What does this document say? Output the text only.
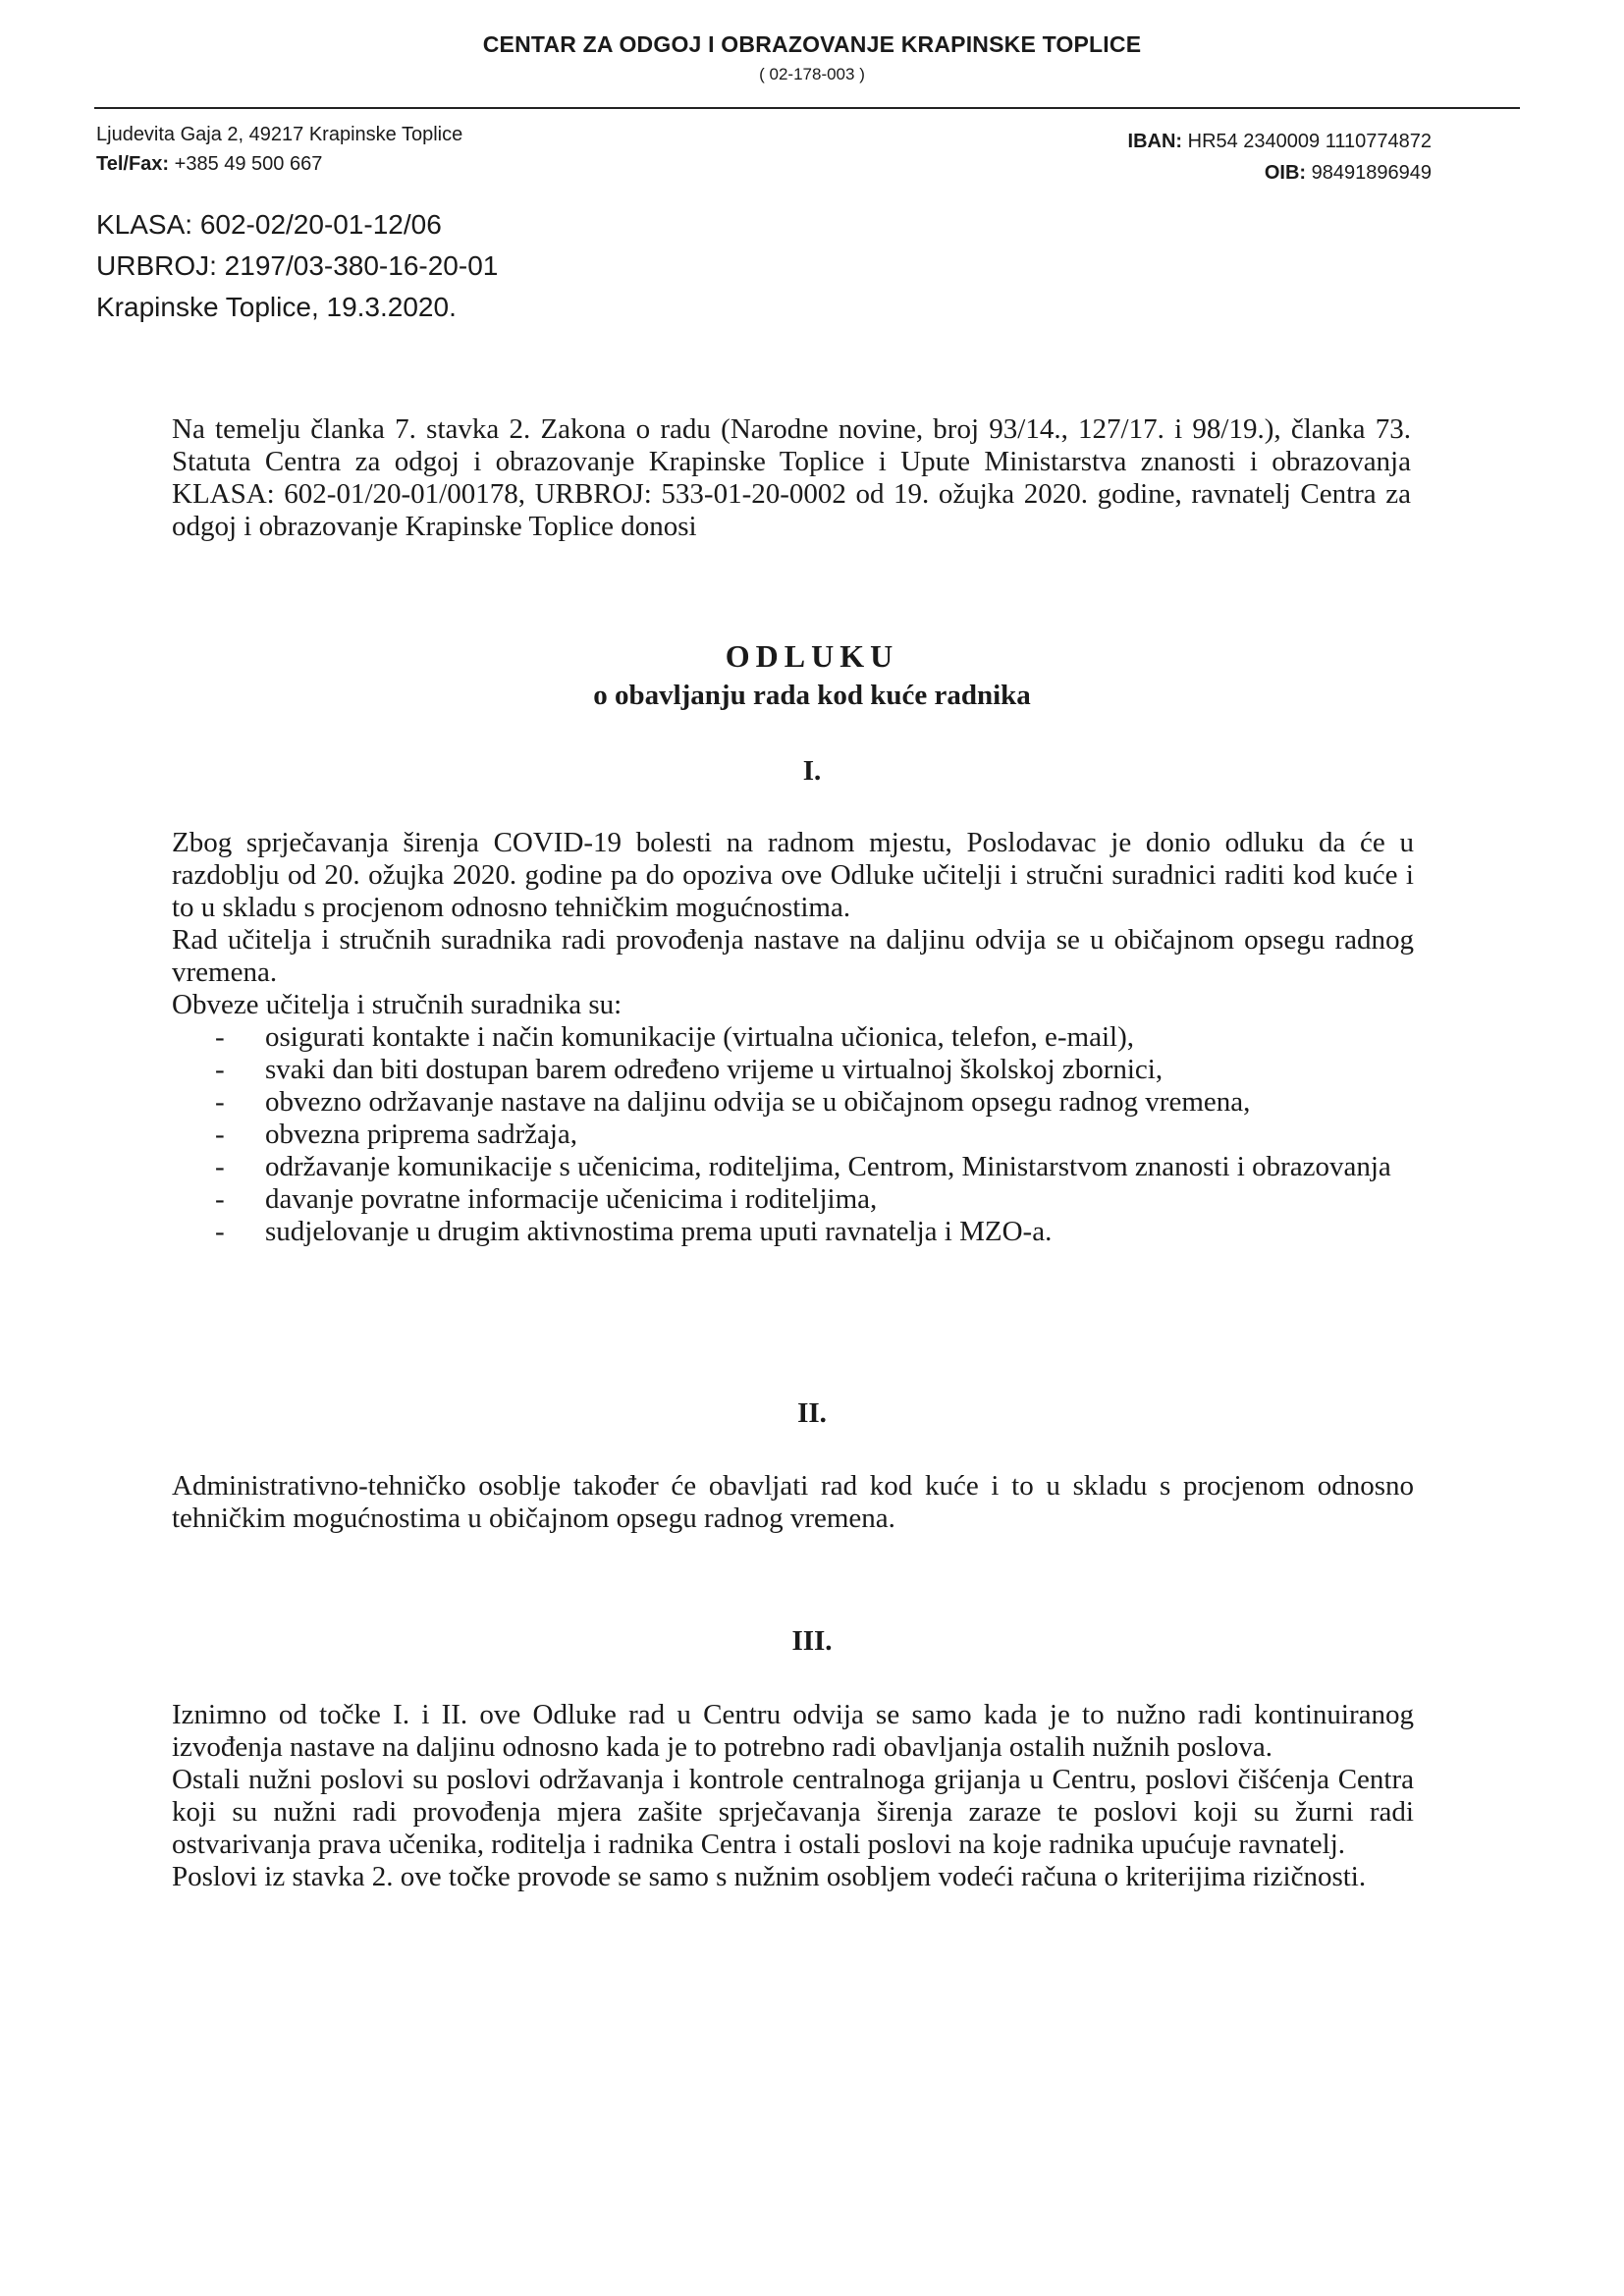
CENTAR ZA ODGOJ I OBRAZOVANJE KRAPINSKE TOPLICE
( 02-178-003 )
Ljudevita Gaja 2, 49217 Krapinske Toplice
Tel/Fax: +385 49 500 667
IBAN: HR54 2340009 1110774872
OIB: 98491896949
KLASA: 602-02/20-01-12/06
URBROJ: 2197/03-380-16-20-01
Krapinske Toplice, 19.3.2020.
Na temelju članka 7. stavka 2. Zakona o radu (Narodne novine, broj 93/14., 127/17. i 98/19.), članka 73. Statuta Centra za odgoj i obrazovanje Krapinske Toplice i Upute Ministarstva znanosti i obrazovanja KLASA: 602-01/20-01/00178, URBROJ: 533-01-20-0002 od 19. ožujka 2020. godine, ravnatelj Centra za odgoj i obrazovanje Krapinske Toplice donosi
ODLUKU
o obavljanju rada kod kuće radnika
I.

Zbog sprječavanja širenja COVID-19 bolesti na radnom mjestu, Poslodavac je donio odluku da će u razdoblju od 20. ožujka 2020. godine pa do opoziva ove Odluke učitelji i stručni suradnici raditi kod kuće i to u skladu s procjenom odnosno tehničkim mogućnostima.

Rad učitelja i stručnih suradnika radi provođenja nastave na daljinu odvija se u običajnom opsegu radnog vremena.

Obveze učitelja i stručnih suradnika su:

- osigurati kontakte i način komunikacije (virtualna učionica, telefon, e-mail),
- svaki dan biti dostupan barem određeno vrijeme u virtualnoj školskoj zbornici,
- obvezno održavanje nastave na daljinu odvija se u običajnom opsegu radnog vremena,
- obvezna priprema sadržaja,
- održavanje komunikacije s učenicima, roditeljima, Centrom, Ministarstvom znanosti i obrazovanja
- davanje povratne informacije učenicima i roditeljima,
- sudjelovanje u drugim aktivnostima prema uputi ravnatelja i MZO-a.
II.
Administrativno-tehničko osoblje također će obavljati rad kod kuće i to u skladu s procjenom odnosno tehničkim mogućnostima u običajnom opsegu radnog vremena.
III.

Iznimno od točke I. i II. ove Odluke rad u Centru odvija se samo kada je to nužno radi kontinuiranog izvođenja nastave na daljinu odnosno kada je to potrebno radi obavljanja ostalih nužnih poslova.

Ostali nužni poslovi su poslovi održavanja i kontrole centralnoga grijanja u Centru, poslovi čišćenja Centra koji su nužni radi provođenja mjera zašite sprječavanja širenja zaraze te poslovi koji su žurni radi ostvarivanja prava učenika, roditelja i radnika Centra i ostali poslovi na koje radnika upućuje ravnatelj.

Poslovi iz stavka 2. ove točke provode se samo s nužnim osobljem vodeći računa o kriterijima rizičnosti.
